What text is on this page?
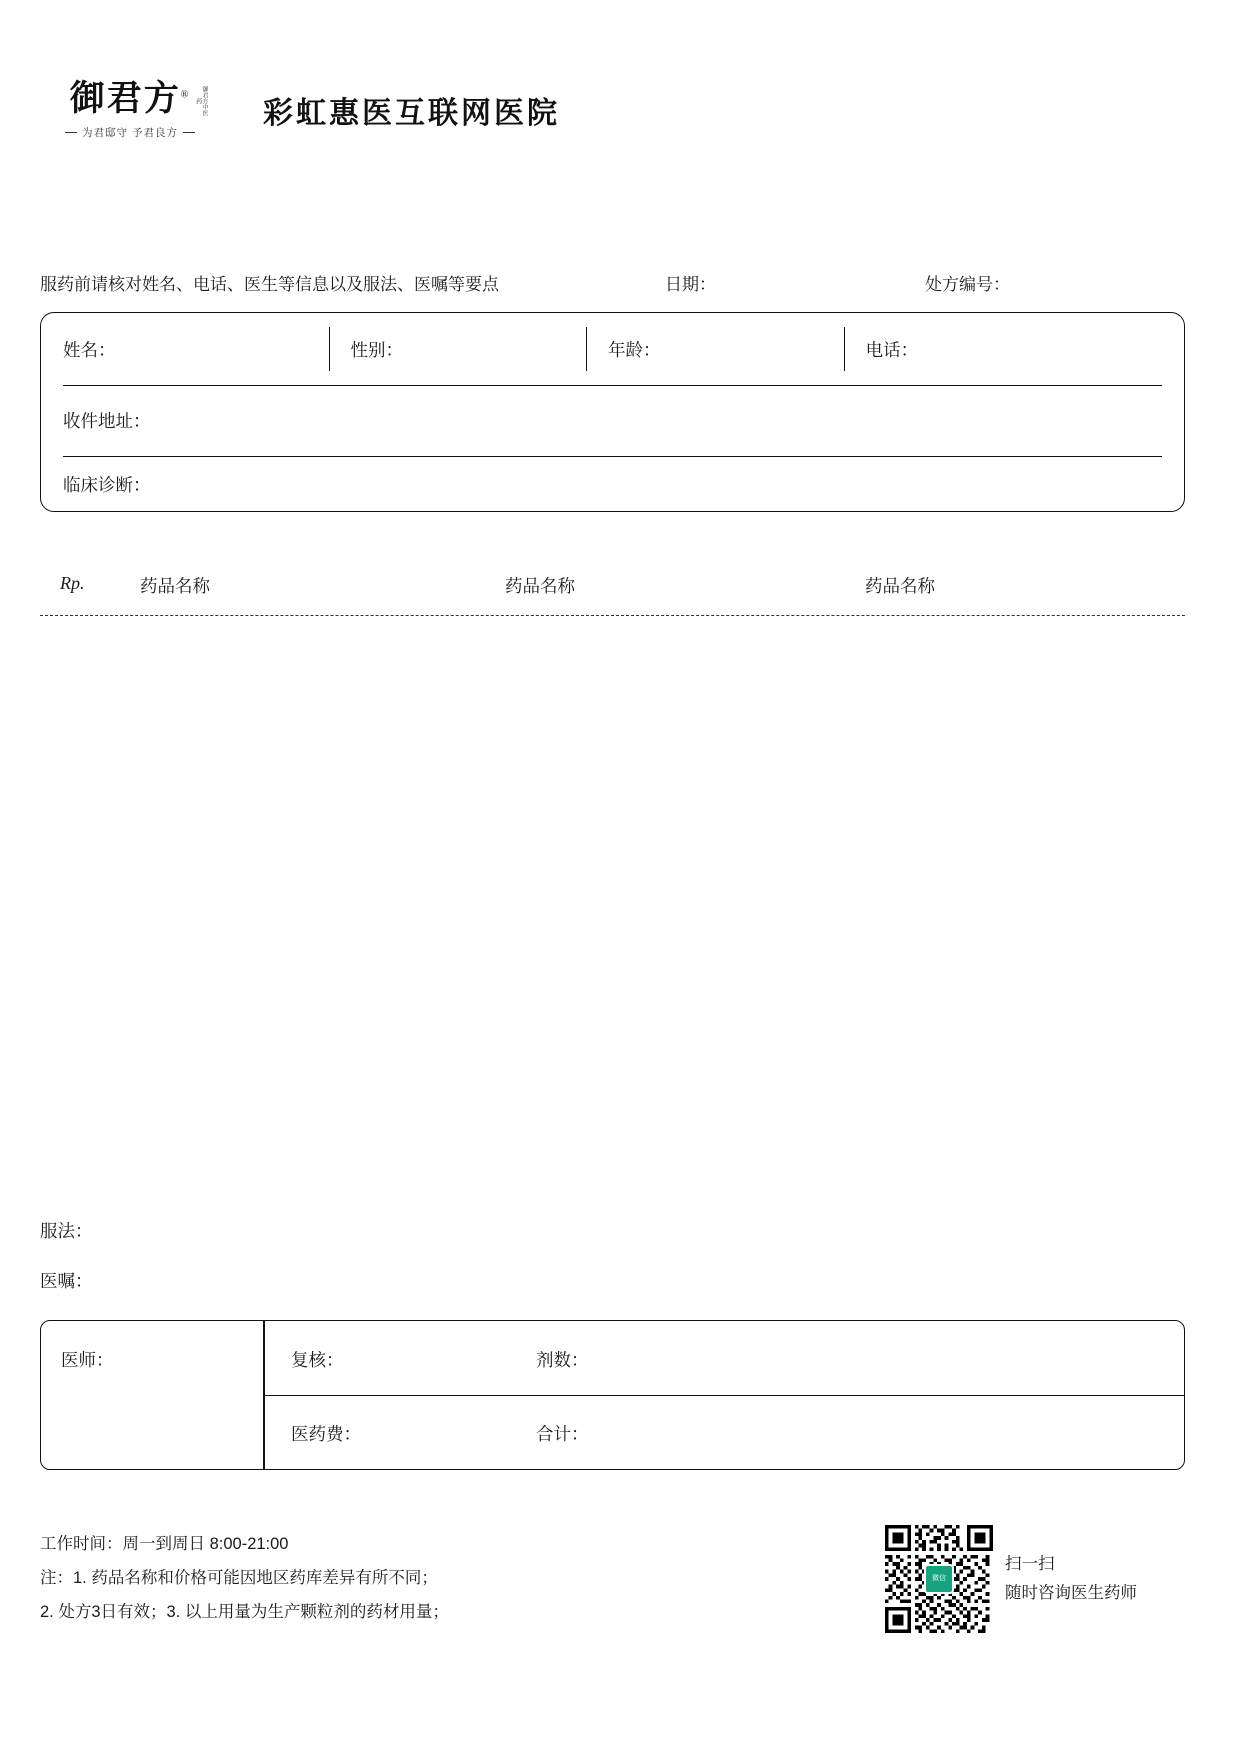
御君方®	御君方中医药
为君邸守 予君良方
彩虹惠医互联网医院
服药前请核对姓名、电话、医生等信息以及服法、医嘱等要点	日期：	处方编号：
姓名：	性别：	年龄：	电话：
收件地址：
临床诊断：
Rp.	药品名称	药品名称	药品名称
服法：
医嘱：
医师：	复核：	剂数：
医药费：	合计：
工作时间：周一到周日 8:00-21:00
注：1. 药品名称和价格可能因地区药库差异有所不同；
2. 处方3日有效；3. 以上用量为生产颗粒剂的药材用量；
微信
扫一扫
随时咨询医生药师
